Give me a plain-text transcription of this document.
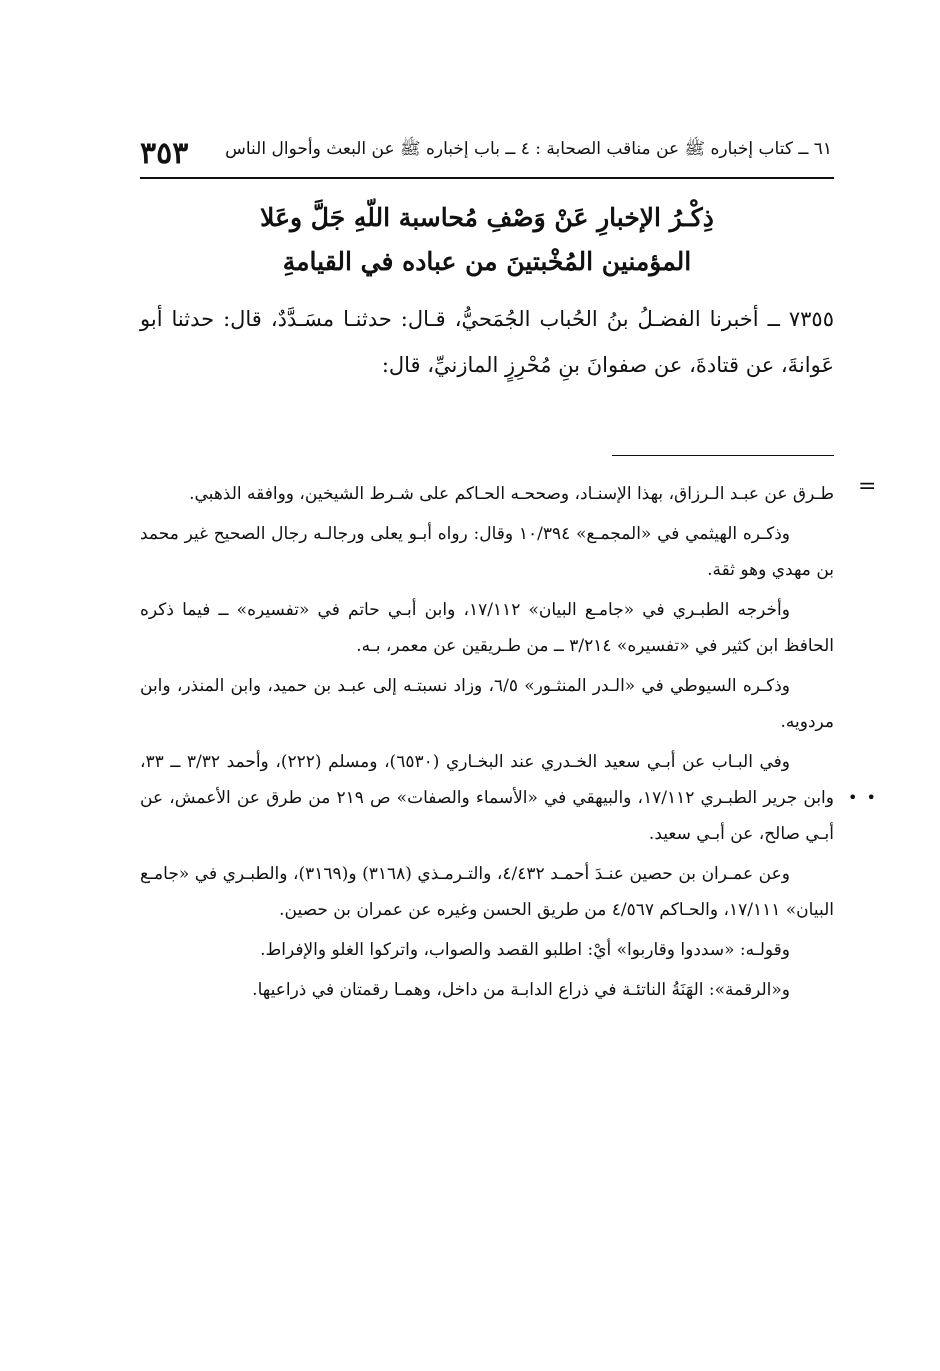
٣٥٣ ٦١ ــ كتاب إخباره ﷺ عن مناقب الصحابة : ٤ ــ باب إخباره ﷺ عن البعث وأحوال الناس
ذِكْـرُ الإخبارِ عَنْ وَصْفِ مُحاسبة اللّهِ جَلَّ وعَلا
المؤمنين المُخْبتينَ من عباده في القيامةِ

٧٣٥٥ ــ أخبرنا الفضـلُ بنُ الحُباب الجُمَحيُّ، قـال: حدثنـا مسَـدَّدٌ، قال: حدثنا أبو عَوانةَ، عن قتادةَ، عن صفوانَ بنِ مُحْرِزٍ المازنيِّ، قال:

=
• •

طـرق عن عبـد الـرزاق، بهذا الإسنـاد، وصححـه الحـاكم على شـرط الشيخين، ووافقه الذهبي.

وذكـره الهيثمي في «المجمـع» ١٠/٣٩٤ وقال: رواه أبـو يعلى ورجالـه رجال الصحيح غير محمد بن مهدي وهو ثقة.

وأخرجه الطبـري في «جامـع البيان» ١٧/١١٢، وابن أبـي حاتم في «تفسيره» ــ فيما ذكره الحافظ ابن كثير في «تفسيره» ٣/٢١٤ ــ من طـريقين عن معمر، بـه.

وذكـره السيوطي في «الـدر المنثـور» ٦/٥، وزاد نسبتـه إلى عبـد بن حميد، وابن المنذر، وابن مردويه.

وفي البـاب عن أبـي سعيد الخـدري عند البخـاري (٦٥٣٠)، ومسلم (٢٢٢)، وأحمد ٣/٣٢ ــ ٣٣، وابن جرير الطبـري ١٧/١١٢، والبيهقي في «الأسماء والصفات» ص ٢١٩ من طرق عن الأعمش، عن أبـي صالح، عن أبـي سعيد.

وعن عمـران بن حصين عنـدَ أحمـد ٤/٤٣٢، والتـرمـذي (٣١٦٨) و(٣١٦٩)، والطبـري في «جامـع البيان» ١٧/١١١، والحـاكم ٤/٥٦٧ من طريق الحسن وغيره عن عمران بن حصين.

وقولـه: «سددوا وقاربوا» أيْ: اطلبو القصد والصواب، واتركوا الغلو والإفراط.

و«الرقمة»: الهَنَةُ الناتئـة في ذراع الدابـة من داخل، وهمـا رقمتان في ذراعيها.
